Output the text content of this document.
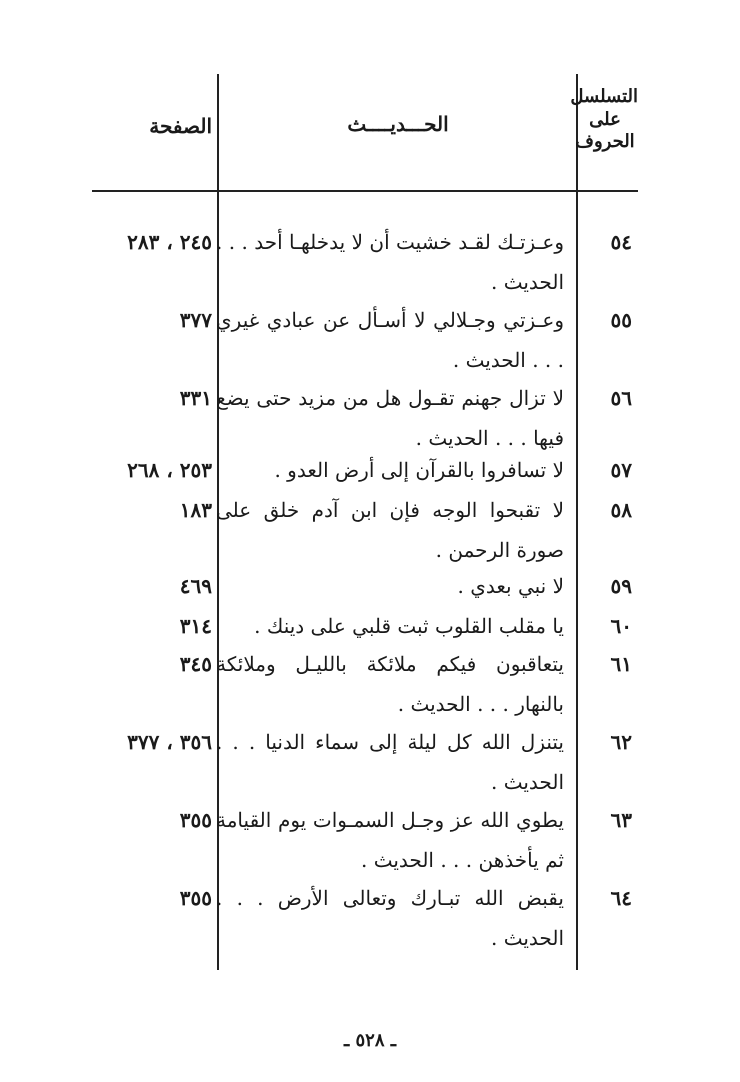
التسلسل
على
الحروف
الحـــديــــث
الصفحة
٥٤
وعـزتـك لقـد خشيت أن لا يدخلهـا أحد . . . الحديث .
٢٤٥ ، ٢٨٣
٥٥
وعـزتي وجـلالي لا أسـأل عن عبادي غيري . . . الحديث .
٣٧٧
٥٦
لا تزال جهنم تقـول هل من مزيد حتى يضع فيها . . . الحديث .
٣٣١
٥٧
لا تسافروا بالقرآن إلى أرض العدو .
٢٥٣ ، ٢٦٨
٥٨
لا تقبحوا الوجه فإن ابن آدم خلق على صورة الرحمن .
١٨٣
٥٩
لا نبي بعدي .
٤٦٩
٦٠
يا مقلب القلوب ثبت قلبي على دينك .
٣١٤
٦١
يتعاقبون فيكم ملائكة بالليـل وملائكة بالنهار . . . الحديث .
٣٤٥
٦٢
يتنزل الله كل ليلة إلى سماء الدنيا . . . الحديث .
٣٥٦ ، ٣٧٧
٦٣
يطوي الله عز وجـل السمـوات يوم القيامة ثم يأخذهن . . . الحديث .
٣٥٥
٦٤
يقبض الله تبـارك وتعالى الأرض . . . الحديث .
٣٥٥
ـ ٥٢٨ ـ
